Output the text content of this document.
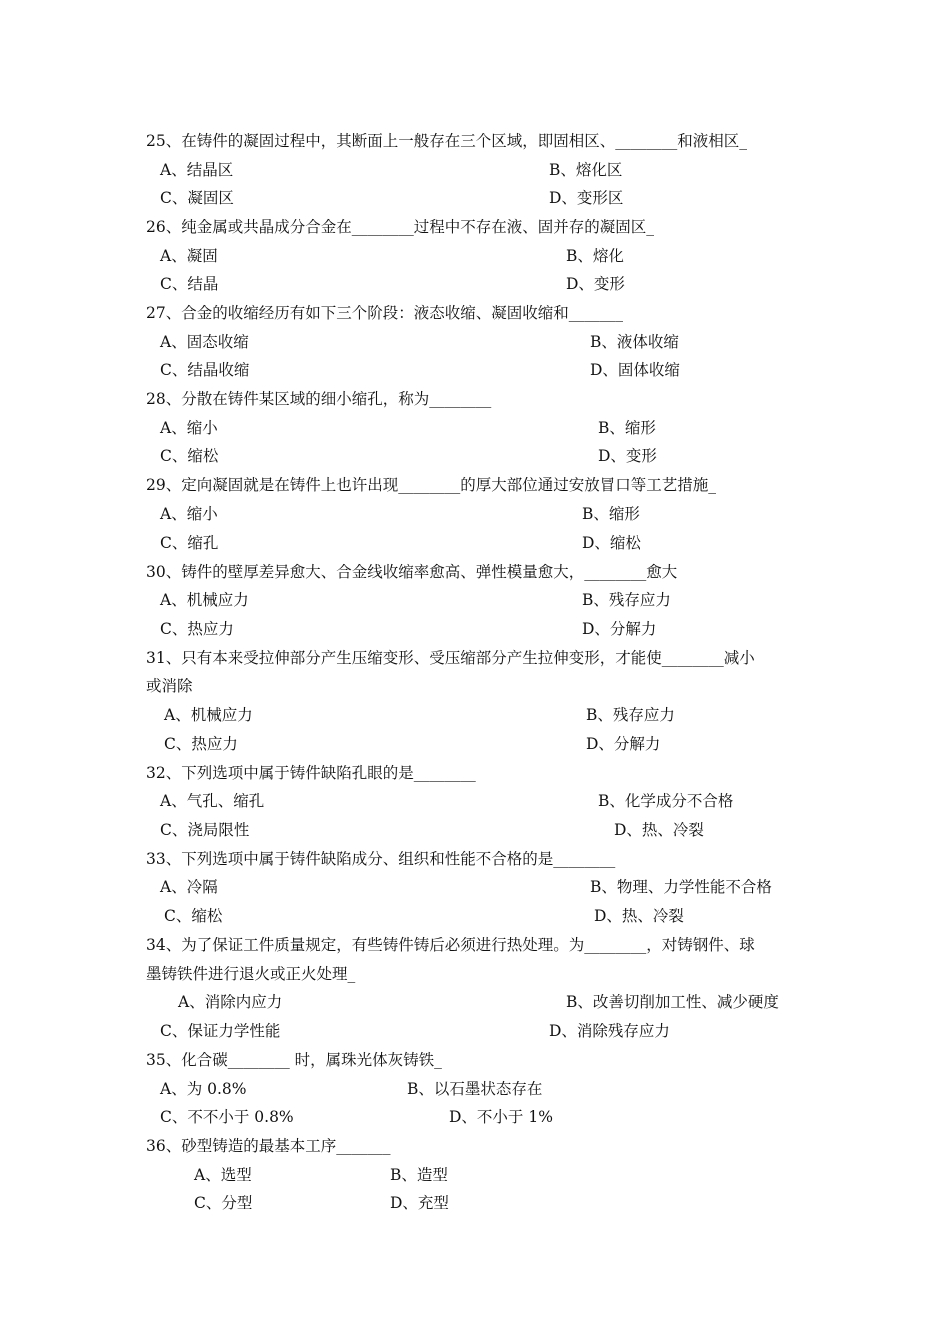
25、在铸件的凝固过程中，其断面上一般存在三个区域，即固相区、________和液相区_
A、结晶区	B、熔化区
C、凝固区	D、变形区
26、纯金属或共晶成分合金在________过程中不存在液、固并存的凝固区_
A、凝固	B、熔化
C、结晶	D、变形
27、合金的收缩经历有如下三个阶段：液态收缩、凝固收缩和_______
A、固态收缩	B、液体收缩
C、结晶收缩	D、固体收缩
28、分散在铸件某区域的细小缩孔，称为________
A、缩小	B、缩形
C、缩松	D、变形
29、定向凝固就是在铸件上也许出现________的厚大部位通过安放冒口等工艺措施_
A、缩小	B、缩形
C、缩孔	D、缩松
30、铸件的壁厚差异愈大、合金线收缩率愈高、弹性模量愈大，________愈大
A、机械应力	B、残存应力
C、热应力	D、分解力
31、只有本来受拉伸部分产生压缩变形、受压缩部分产生拉伸变形，才能使________减小
或消除
A、机械应力	B、残存应力
C、热应力	D、分解力
32、下列选项中属于铸件缺陷孔眼的是________
A、气孔、缩孔	B、化学成分不合格
C、浇局限性	D、热、冷裂
33、下列选项中属于铸件缺陷成分、组织和性能不合格的是________
A、冷隔	B、物理、力学性能不合格
C、缩松	D、热、冷裂
34、为了保证工件质量规定，有些铸件铸后必须进行热处理。为________，对铸钢件、球
墨铸铁件进行退火或正火处理_
A、消除内应力	B、改善切削加工性、减少硬度
C、保证力学性能	D、消除残存应力
35、化合碳________ 时，属珠光体灰铸铁_
A、为 0.8%	B、以石墨状态存在
C、不不小于 0.8%	D、不小于 1%
36、砂型铸造的最基本工序_______
A、选型	B、造型
C、分型	D、充型
